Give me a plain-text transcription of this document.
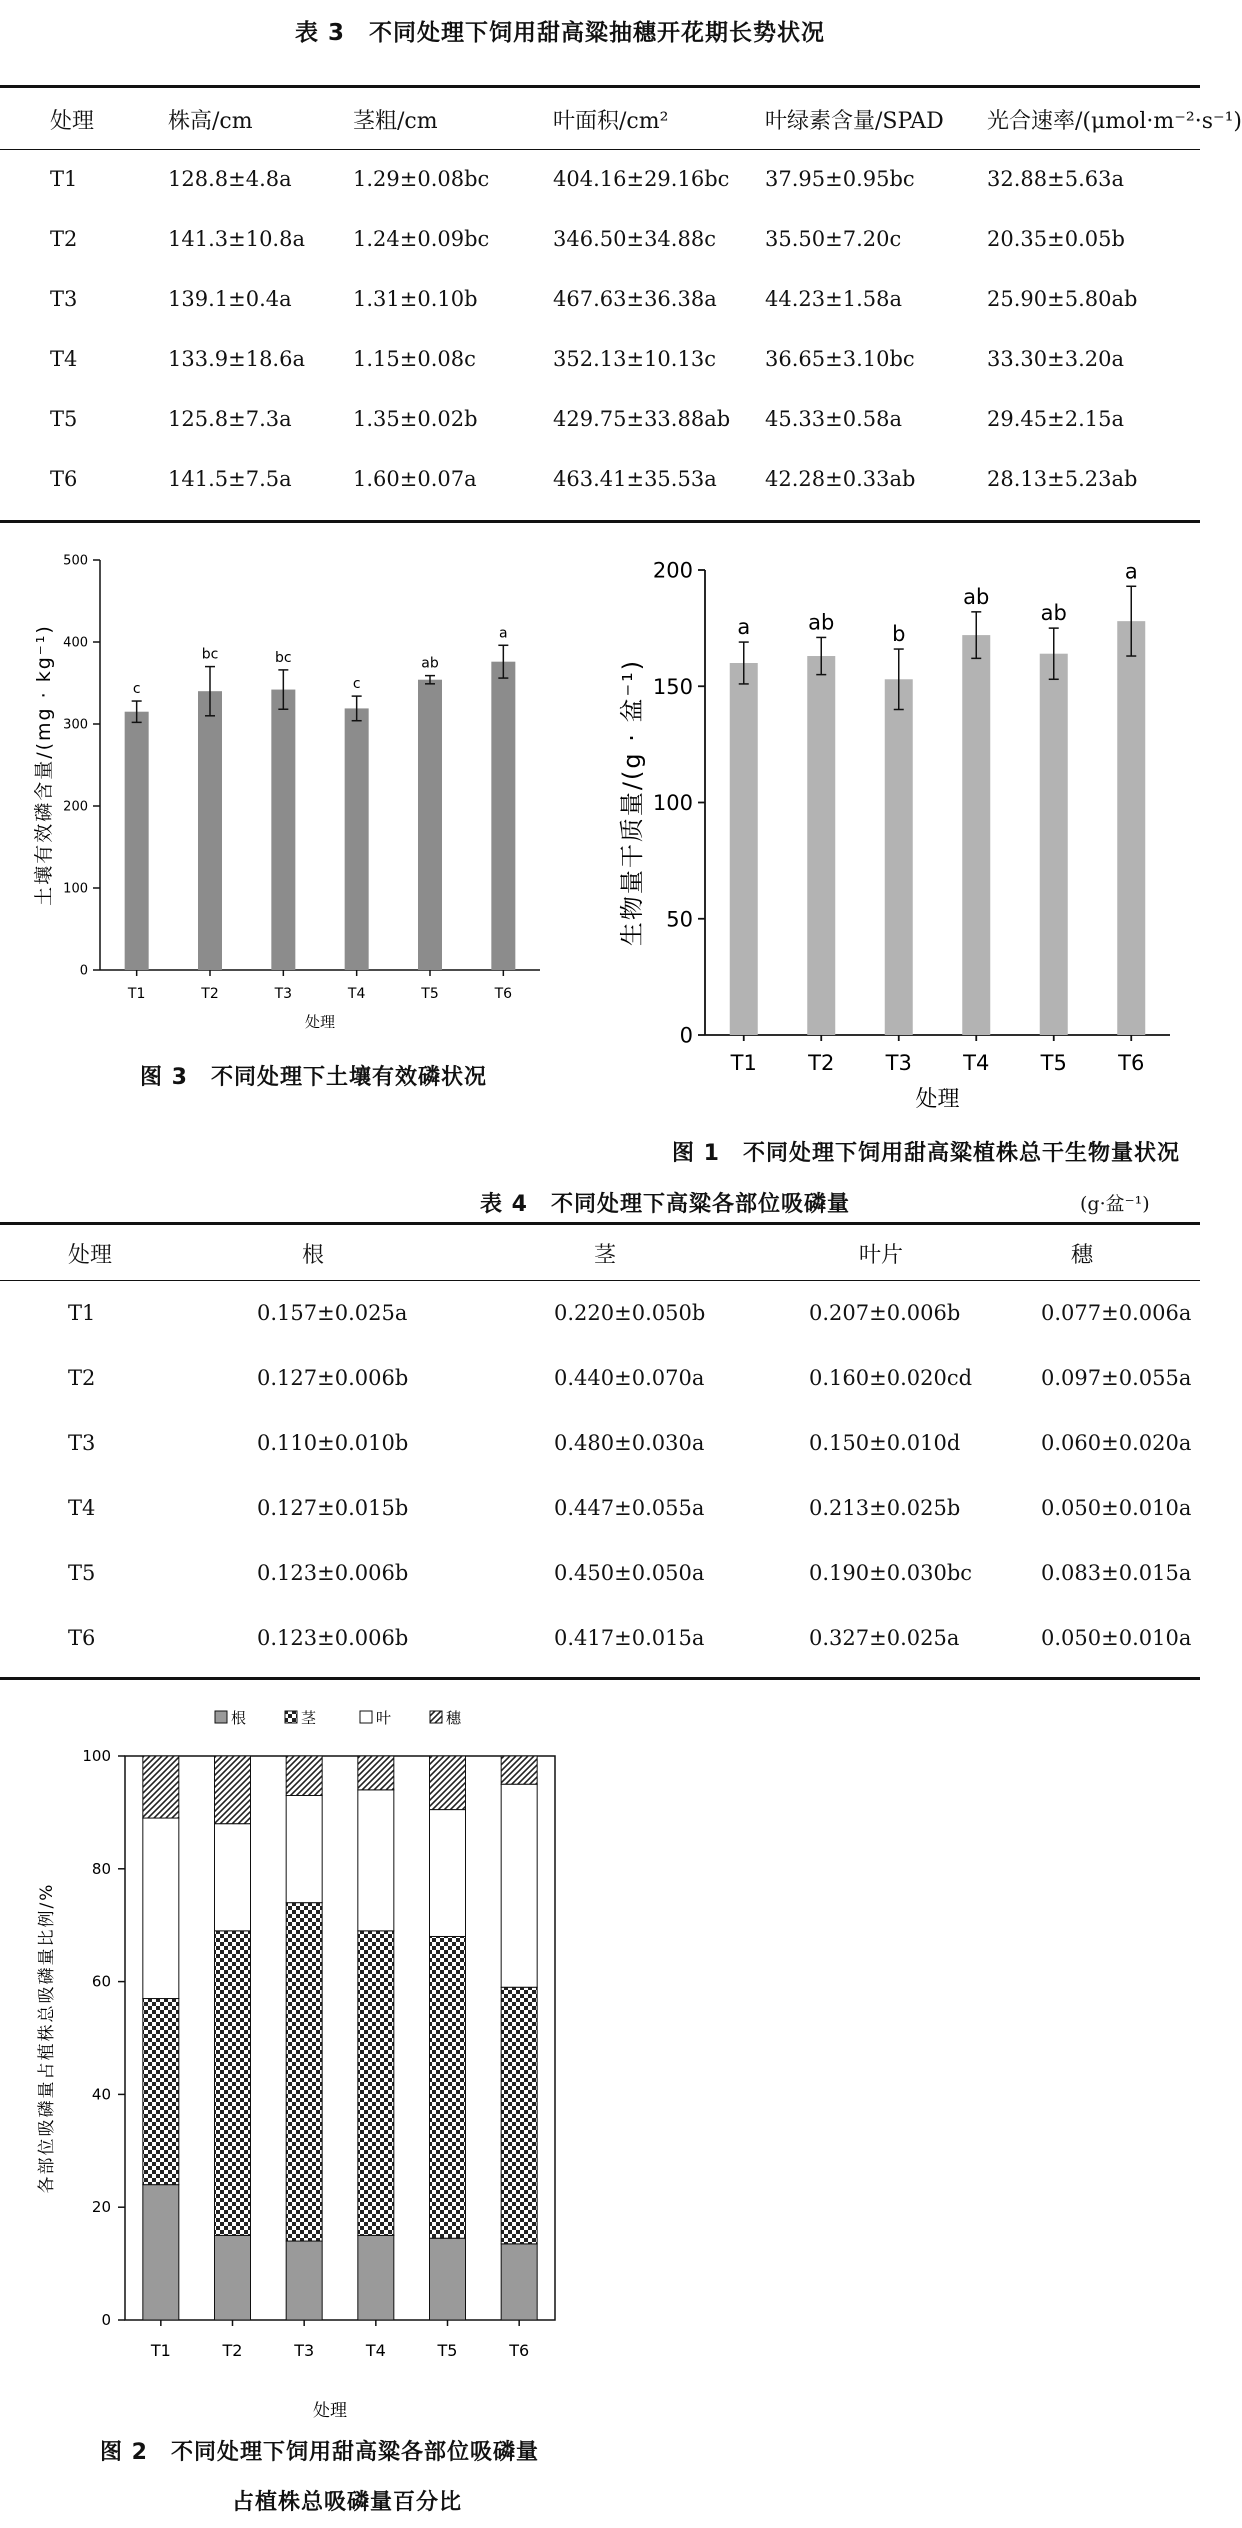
表 3　不同处理下饲用甜高粱抽穗开花期长势状况
处理	株高/cm	茎粗/cm	叶面积/cm²	叶绿素含量/SPAD	光合速率/(μmol·m⁻²·s⁻¹)
T1	128.8±4.8a	1.29±0.08bc	404.16±29.16bc	37.95±0.95bc	32.88±5.63a
T2	141.3±10.8a	1.24±0.09bc	346.50±34.88c	35.50±7.20c	20.35±0.05b
T3	139.1±0.4a	1.31±0.10b	467.63±36.38a	44.23±1.58a	25.90±5.80ab
T4	133.9±18.6a	1.15±0.08c	352.13±10.13c	36.65±3.10bc	33.30±3.20a
T5	125.8±7.3a	1.35±0.02b	429.75±33.88ab	45.33±0.58a	29.45±2.15a
T6	141.5±7.5a	1.60±0.07a	463.41±35.53a	42.28±0.33ab	28.13±5.23ab
0
100
200
300
400
500
c
T1
bc
T2
bc
T3
c
T4
ab
T5
a
T6
处理
土壤有效磷含量/(mg · kg⁻¹)
图 3　不同处理下土壤有效磷状况
0
50
100
150
200
a
T1
ab
T2
b
T3
ab
T4
ab
T5
a
T6
处理
生物量干质量/(g · 盆⁻¹)
图 1　不同处理下饲用甜高粱植株总干生物量状况
表 4　不同处理下高粱各部位吸磷量	(g·盆⁻¹)
处理	根	茎	叶片	穗
T1	0.157±0.025a	0.220±0.050b	0.207±0.006b	0.077±0.006a
T2	0.127±0.006b	0.440±0.070a	0.160±0.020cd	0.097±0.055a
T3	0.110±0.010b	0.480±0.030a	0.150±0.010d	0.060±0.020a
T4	0.127±0.015b	0.447±0.055a	0.213±0.025b	0.050±0.010a
T5	0.123±0.006b	0.450±0.050a	0.190±0.030bc	0.083±0.015a
T6	0.123±0.006b	0.417±0.015a	0.327±0.025a	0.050±0.010a
根	茎	叶	穗
0
20
40
60
80
100
T1	T2	T3	T4	T5	T6
处理
各部位吸磷量占植株总吸磷量比例/%
图 2　不同处理下饲用甜高粱各部位吸磷量
占植株总吸磷量百分比
